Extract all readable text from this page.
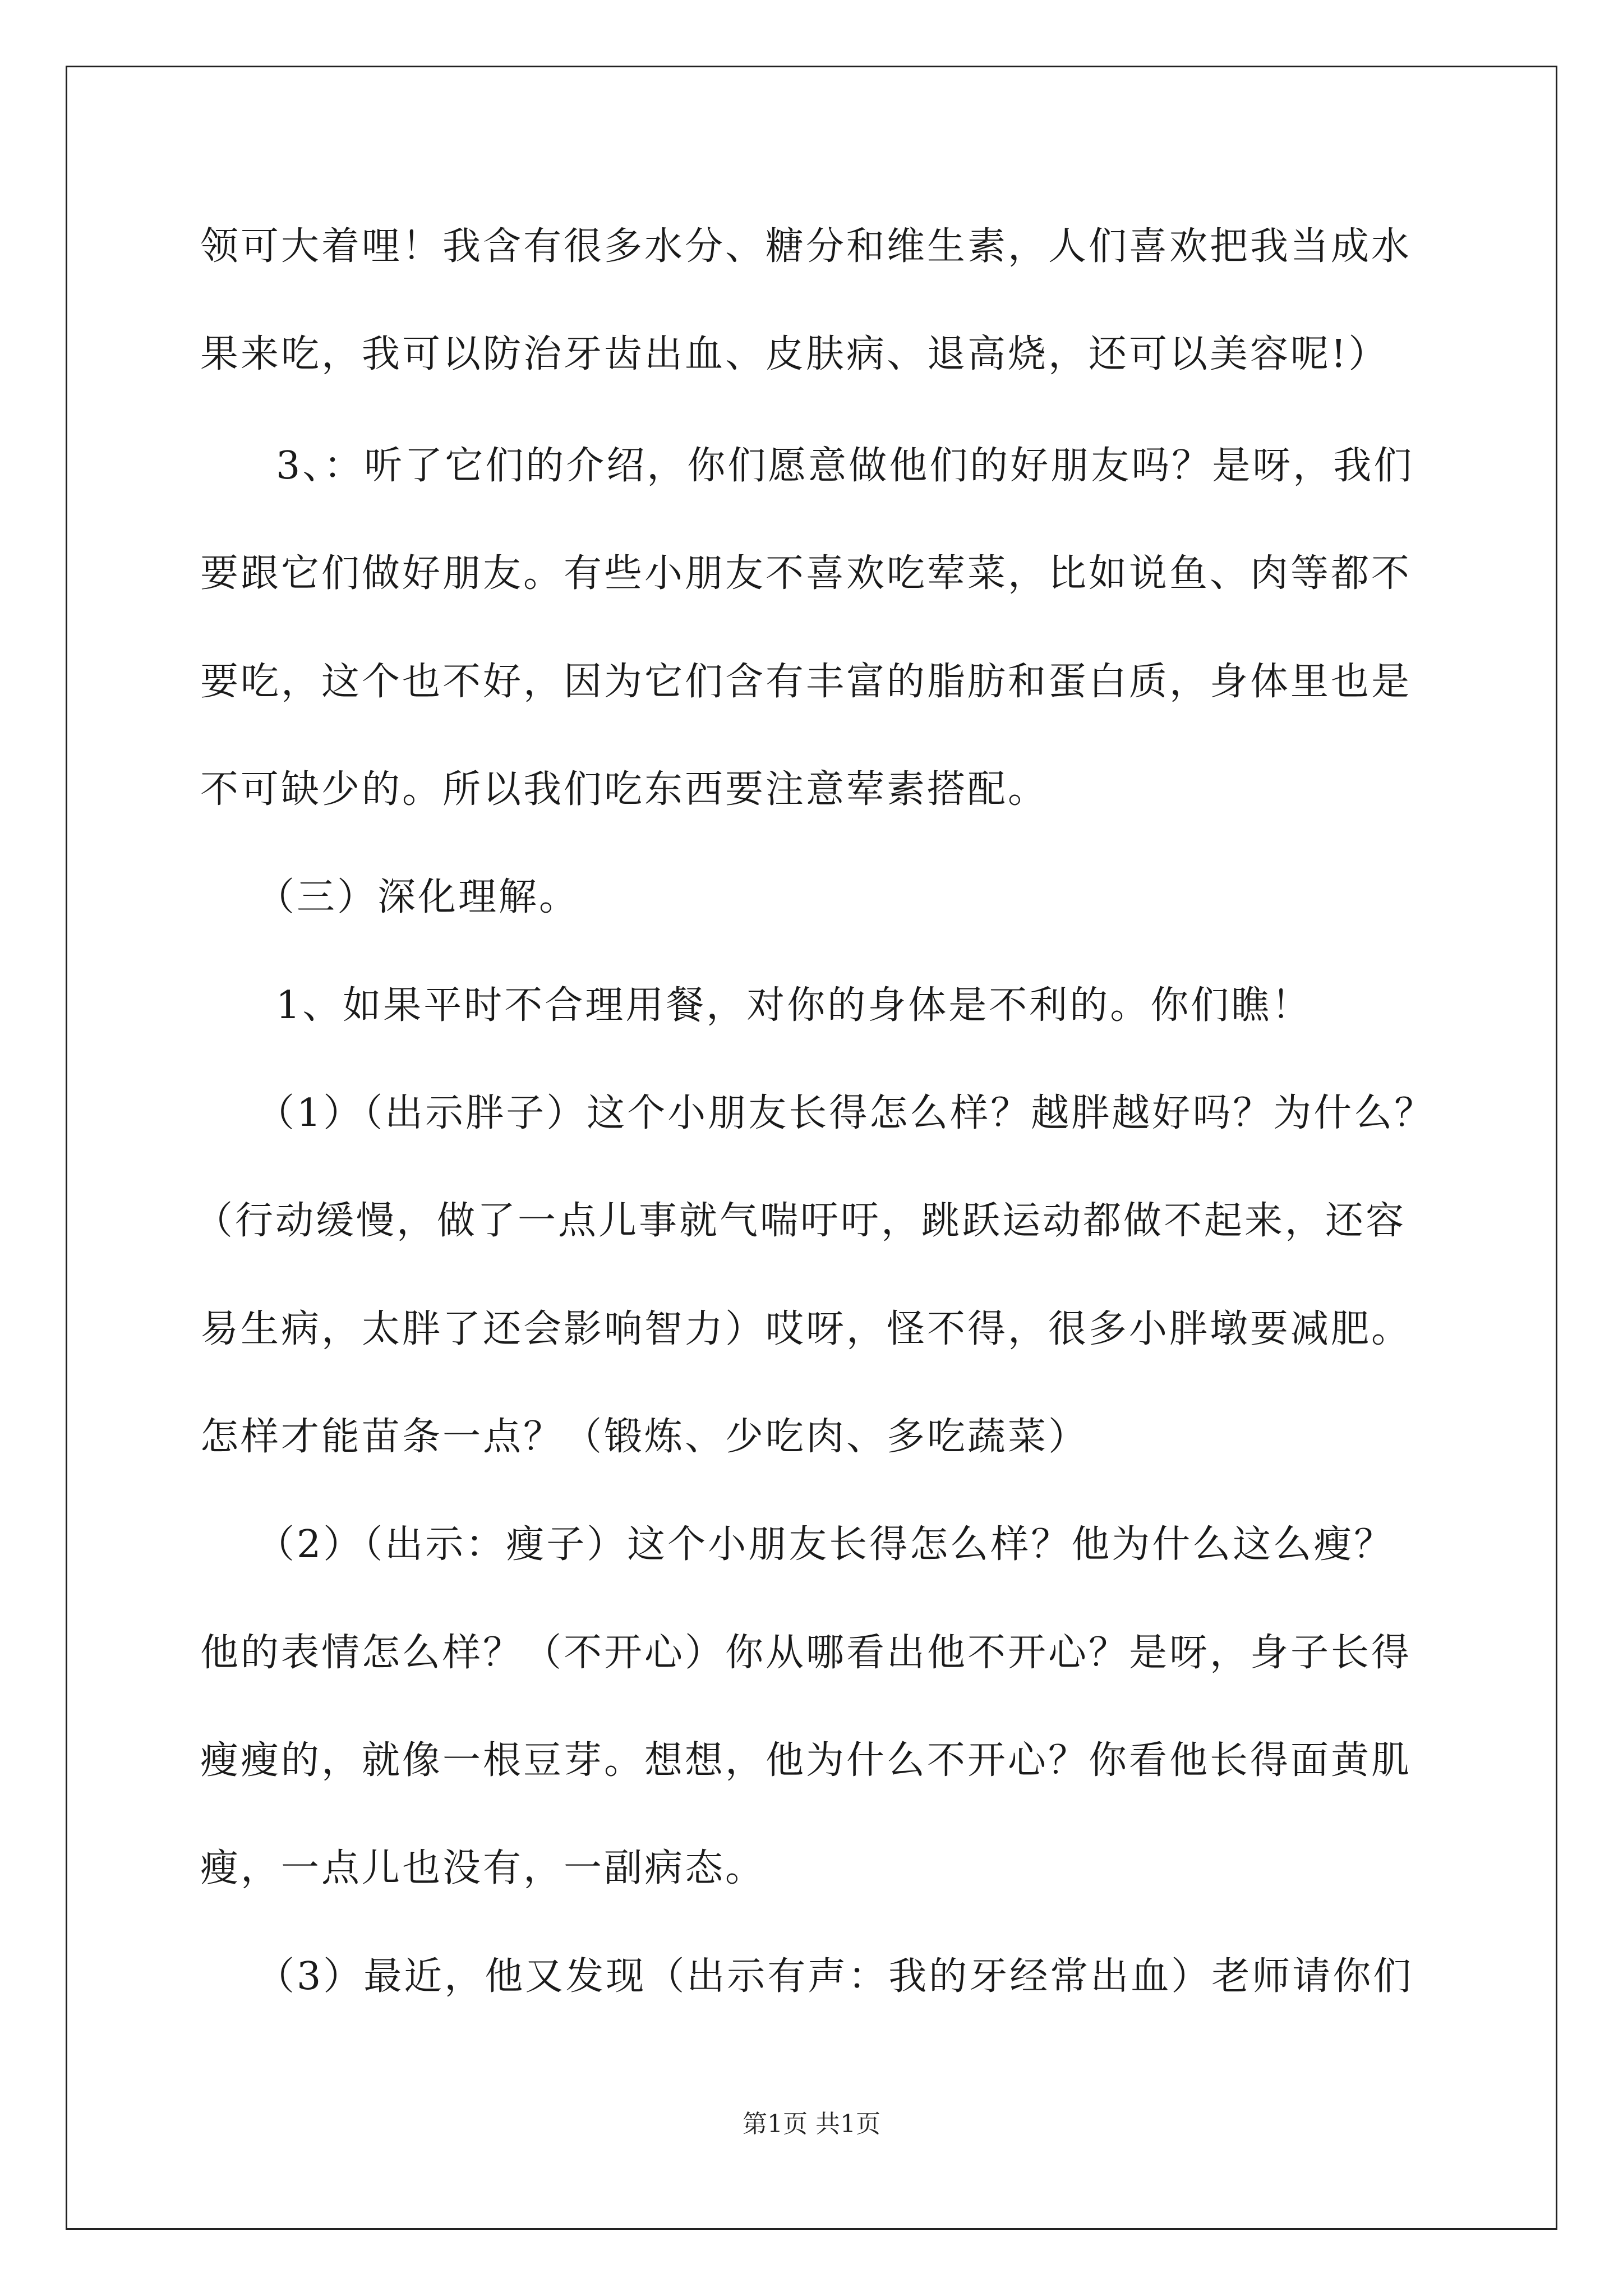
领可大着哩！我含有很多水分、糖分和维生素，人们喜欢把我当成水
果来吃，我可以防治牙齿出血、皮肤病、退高烧，还可以美容呢!）
3、：听了它们的介绍，你们愿意做他们的好朋友吗？是呀，我们
要跟它们做好朋友。有些小朋友不喜欢吃荤菜，比如说鱼、肉等都不
要吃，这个也不好，因为它们含有丰富的脂肪和蛋白质，身体里也是
不可缺少的。所以我们吃东西要注意荤素搭配。
（三）深化理解。
1、如果平时不合理用餐，对你的身体是不利的。你们瞧！
（1）（出示胖子）这个小朋友长得怎么样？越胖越好吗？为什么？
（行动缓慢，做了一点儿事就气喘吁吁，跳跃运动都做不起来，还容
易生病，太胖了还会影响智力）哎呀，怪不得，很多小胖墩要减肥。
怎样才能苗条一点？（锻炼、少吃肉、多吃蔬菜）
（2）（出示：瘦子）这个小朋友长得怎么样？他为什么这么瘦？
他的表情怎么样？（不开心）你从哪看出他不开心？是呀，身子长得
瘦瘦的，就像一根豆芽。想想，他为什么不开心？你看他长得面黄肌
瘦，一点儿也没有，一副病态。
（3）最近，他又发现（出示有声：我的牙经常出血）老师请你们
第1页 共1页
